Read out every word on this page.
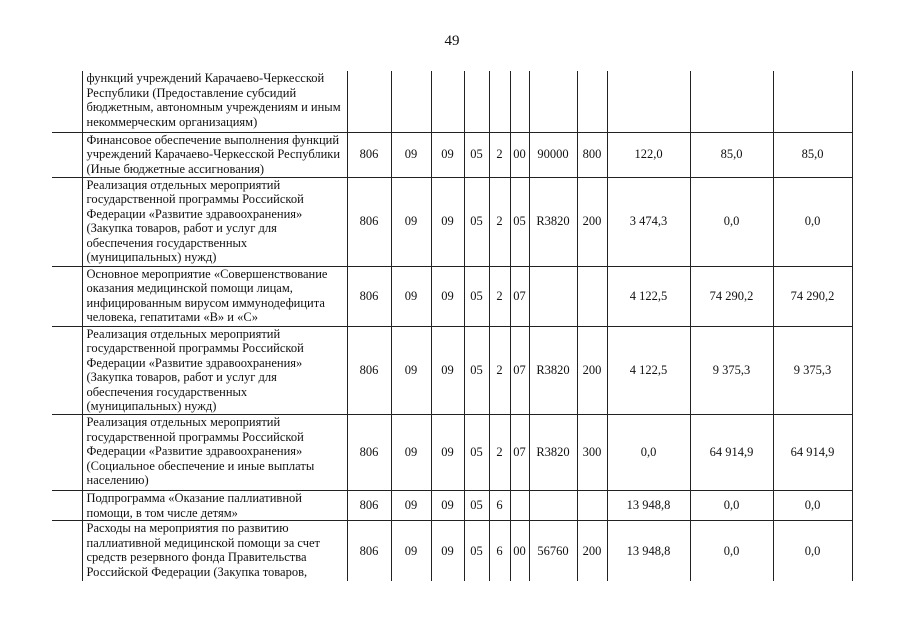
49
	функций учреждений Карачаево-Черкесской Республики (Предоставление субсидий бюджетным, автономным учреждениям и иным некоммерческим организациям)											
	Финансовое обеспечение выполнения функций учреждений Карачаево-Черкесской Республики (Иные бюджетные ассигнования)	806	09	09	05	2	00	90000	800	122,0	85,0	85,0
	Реализация отдельных мероприятий государственной программы Российской Федерации «Развитие здравоохранения» (Закупка товаров, работ и услуг для обеспечения государственных (муниципальных) нужд)	806	09	09	05	2	05	R3820	200	3 474,3	0,0	0,0
	Основное мероприятие «Совершенствование оказания медицинской помощи лицам, инфицированным вирусом иммунодефицита человека, гепатитами «В» и «С»	806	09	09	05	2	07			4 122,5	74 290,2	74 290,2
	Реализация отдельных мероприятий государственной программы Российской Федерации «Развитие здравоохранения» (Закупка товаров, работ и услуг для обеспечения государственных (муниципальных) нужд)	806	09	09	05	2	07	R3820	200	4 122,5	9 375,3	9 375,3
	Реализация отдельных мероприятий государственной программы Российской Федерации «Развитие здравоохранения» (Социальное обеспечение и иные выплаты населению)	806	09	09	05	2	07	R3820	300	0,0	64 914,9	64 914,9
	Подпрограмма «Оказание паллиативной помощи, в том числе детям»	806	09	09	05	6				13 948,8	0,0	0,0
	Расходы на мероприятия по развитию паллиативной медицинской помощи за счет средств резервного фонда Правительства Российской Федерации (Закупка товаров,	806	09	09	05	6	00	56760	200	13 948,8	0,0	0,0
